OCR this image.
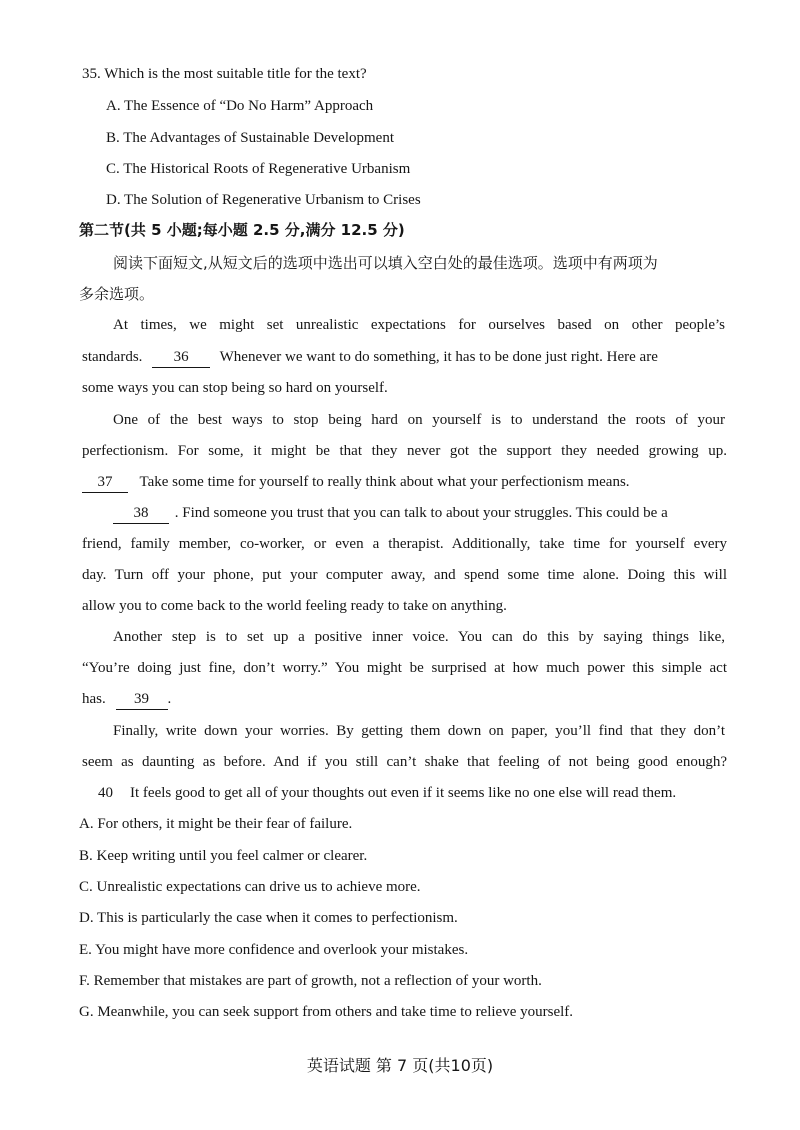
35. Which is the most suitable title for the text?
A. The Essence of “Do No Harm” Approach
B. The Advantages of Sustainable Development
C. The Historical Roots of Regenerative Urbanism
D. The Solution of Regenerative Urbanism to Crises
第二节(共 5 小题;每小题 2.5 分,满分 12.5 分)
阅读下面短文,从短文后的选项中选出可以填入空白处的最佳选项。选项中有两项为
多余选项。
At times, we might set unrealistic expectations for ourselves based on other people’s
standards. 36 Whenever we want to do something, it has to be done just right. Here are
some ways you can stop being so hard on yourself.
One of the best ways to stop being hard on yourself is to understand the roots of your
perfectionism. For some, it might be that they never got the support they needed growing up.
37 Take some time for yourself to really think about what your perfectionism means.
38 . Find someone you trust that you can talk to about your struggles. This could be a
friend, family member, co-worker, or even a therapist. Additionally, take time for yourself every
day. Turn off your phone, put your computer away, and spend some time alone. Doing this will
allow you to come back to the world feeling ready to take on anything.
Another step is to set up a positive inner voice. You can do this by saying things like,
“You’re doing just fine, don’t worry.” You might be surprised at how much power this simple act
has. 39 .
Finally, write down your worries. By getting them down on paper, you’ll find that they don’t
seem as daunting as before. And if you still can’t shake that feeling of not being good enough?
40 It feels good to get all of your thoughts out even if it seems like no one else will read them.
A. For others, it might be their fear of failure.
B. Keep writing until you feel calmer or clearer.
C. Unrealistic expectations can drive us to achieve more.
D. This is particularly the case when it comes to perfectionism.
E. You might have more confidence and overlook your mistakes.
F. Remember that mistakes are part of growth, not a reflection of your worth.
G. Meanwhile, you can seek support from others and take time to relieve yourself.
英语试题 第 7 页(共10页)
